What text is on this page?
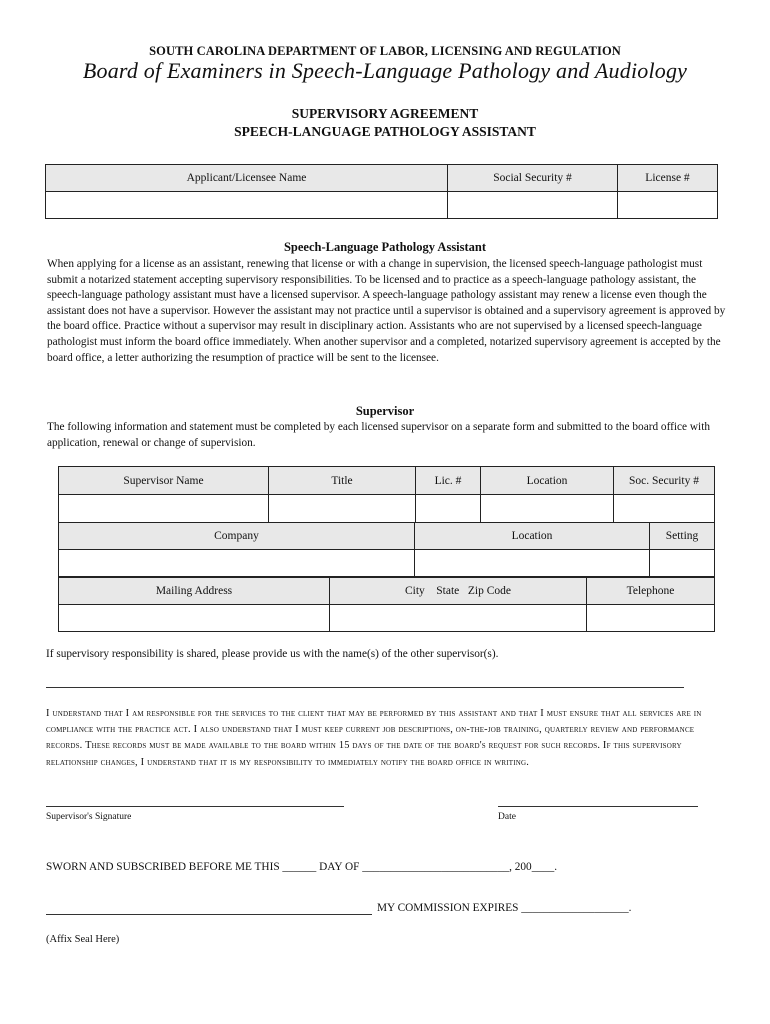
SOUTH CAROLINA DEPARTMENT OF LABOR, LICENSING AND REGULATION
Board of Examiners in Speech-Language Pathology and Audiology
SUPERVISORY AGREEMENT
SPEECH-LANGUAGE PATHOLOGY ASSISTANT
Applicant/Licensee Name	Social Security #	License #

Speech-Language Pathology Assistant
When applying for a license as an assistant, renewing that license or with a change in supervision, the licensed speech-language pathologist must submit a notarized statement accepting supervisory responsibilities. To be licensed and to practice as a speech-language pathology assistant, the speech-language pathology assistant must have a licensed supervisor. A speech-language pathology assistant may renew a license even though the assistant does not have a supervisor. However the assistant may not practice until a supervisor is obtained and a supervisory agreement is approved by the board office. Practice without a supervisor may result in disciplinary action. Assistants who are not supervised by a licensed speech-language pathologist must inform the board office immediately. When another supervisor and a completed, notarized supervisory agreement is accepted by the board office, a letter authorizing the resumption of practice will be sent to the licensee.
Supervisor
The following information and statement must be completed by each licensed supervisor on a separate form and submitted to the board office with application, renewal or change of supervision.
Supervisor Name	Title	Lic. #	Location	Soc. Security #

Company	Location	Setting

Mailing Address	City    State   Zip Code	Telephone

If supervisory responsibility is shared, please provide us with the name(s) of the other supervisor(s).
I understand that I am responsible for the services to the client that may be performed by this assistant and that I must ensure that all services are in compliance with the practice act. I also understand that I must keep current job descriptions, on-the-job training, quarterly review and performance records. These records must be made available to the board within 15 days of the date of the board's request for such records. If this supervisory relationship changes, I understand that it is my responsibility to immediately notify the board office in writing.
Supervisor's Signature	Date
SWORN AND SUBSCRIBED BEFORE ME THIS ______ DAY OF __________________________, 200____.
MY COMMISSION EXPIRES ___________________.
(Affix Seal Here)
